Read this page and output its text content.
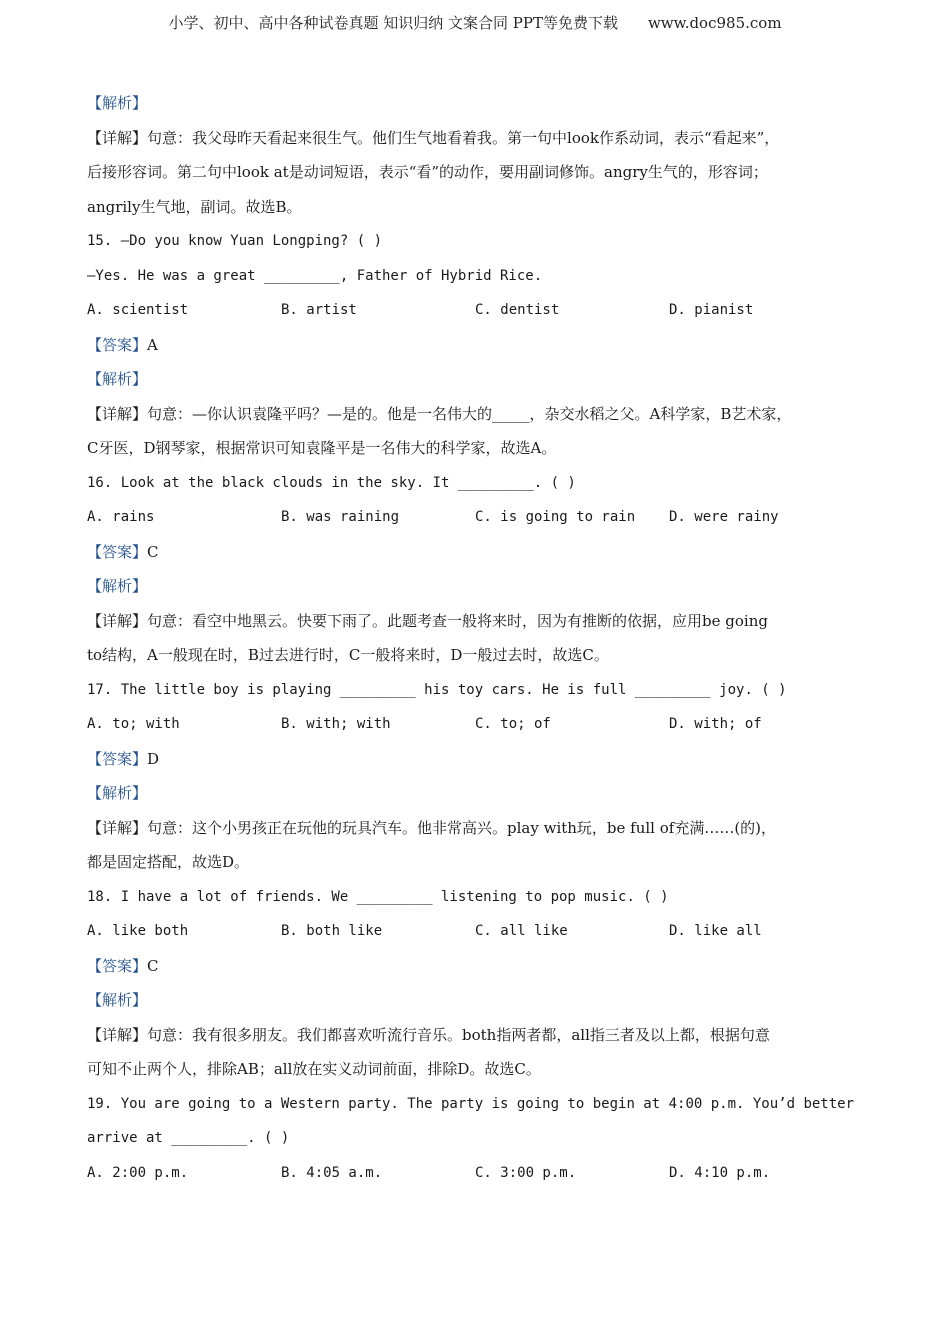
小学、初中、高中各种试卷真题 知识归纳 文案合同 PPT等免费下载　　www.doc985.com
【解析】
【详解】句意：我父母昨天看起来很生气。他们生气地看着我。第一句中look作系动词，表示“看起来”，
后接形容词。第二句中look at是动词短语，表示“看”的动作，要用副词修饰。angry生气的，形容词；
angrily生气地，副词。故选B。
15. —Do you know Yuan Longping? ( )
—Yes. He was a great _________, Father of Hybrid Rice.
A. scientist	B. artist	C. dentist	D. pianist
【答案】A
【解析】
【详解】句意：—你认识袁隆平吗？—是的。他是一名伟大的_____，杂交水稻之父。A科学家，B艺术家，
C牙医，D钢琴家，根据常识可知袁隆平是一名伟大的科学家，故选A。
16. Look at the black clouds in the sky. It _________. ( )
A. rains	B. was raining	C. is going to rain	D. were rainy
【答案】C
【解析】
【详解】句意：看空中地黑云。快要下雨了。此题考查一般将来时，因为有推断的依据，应用be going
to结构，A一般现在时，B过去进行时，C一般将来时，D一般过去时，故选C。
17. The little boy is playing _________ his toy cars. He is full _________ joy. ( )
A. to; with	B. with; with	C. to; of	D. with; of
【答案】D
【解析】
【详解】句意：这个小男孩正在玩他的玩具汽车。他非常高兴。play with玩，be full of充满……(的)，
都是固定搭配，故选D。
18. I have a lot of friends. We _________ listening to pop music. ( )
A. like both	B. both like	C. all like	D. like all
【答案】C
【解析】
【详解】句意：我有很多朋友。我们都喜欢听流行音乐。both指两者都，all指三者及以上都，根据句意
可知不止两个人，排除AB；all放在实义动词前面，排除D。故选C。
19. You are going to a Western party. The party is going to begin at 4:00 p.m. You’d better
arrive at _________. ( )
A. 2:00 p.m.	B. 4:05 a.m.	C. 3:00 p.m.	D. 4:10 p.m.
